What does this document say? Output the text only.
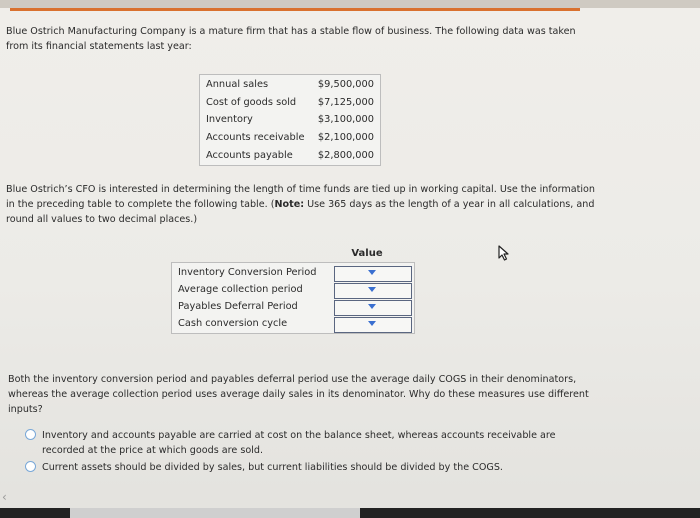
Blue Ostrich Manufacturing Company is a mature firm that has a stable flow of business. The following data was taken from its financial statements last year:
Annual sales	$9,500,000
Cost of goods sold	$7,125,000
Inventory	$3,100,000
Accounts receivable	$2,100,000
Accounts payable	$2,800,000
Blue Ostrich’s CFO is interested in determining the length of time funds are tied up in working capital. Use the information in the preceding table to complete the following table. (Note: Use 365 days as the length of a year in all calculations, and round all values to two decimal places.)
Value
Inventory Conversion Period
Average collection period
Payables Deferral Period
Cash conversion cycle
Both the inventory conversion period and payables deferral period use the average daily COGS in their denominators, whereas the average collection period uses average daily sales in its denominator. Why do these measures use different inputs?
Inventory and accounts payable are carried at cost on the balance sheet, whereas accounts receivable are recorded at the price at which goods are sold.
Current assets should be divided by sales, but current liabilities should be divided by the COGS.
‹
